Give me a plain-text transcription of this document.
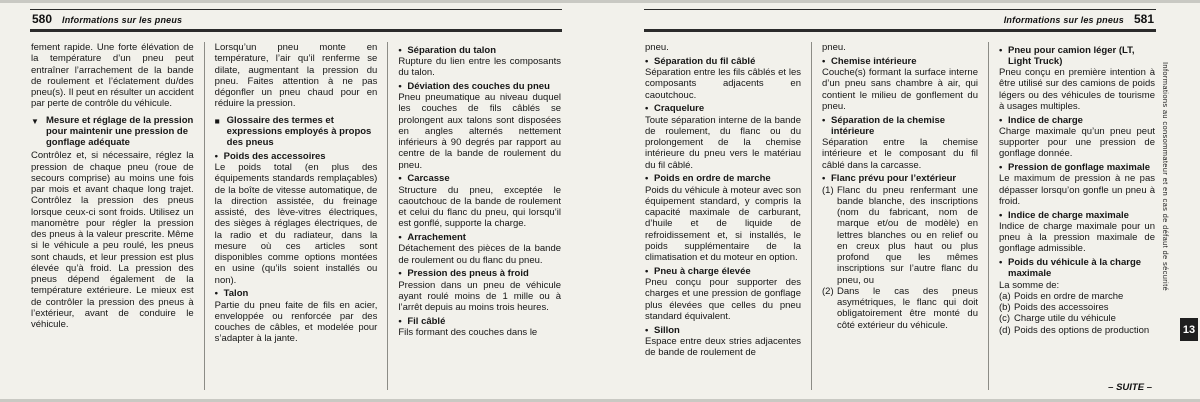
580 Informations sur les pneus
fement rapide. Une forte élévation de la température d’un pneu peut entraîner l’arrachement de la bande de roulement et l’éclatement du/des pneu(s). Il peut en résulter un accident par perte de contrôle du véhicule.
▼ Mesure et réglage de la pression pour maintenir une pression de gonflage adéquate
Contrôlez et, si nécessaire, réglez la pression de chaque pneu (roue de secours comprise) au moins une fois par mois et avant chaque long trajet. Contrôlez la pression des pneus lorsque ceux-ci sont froids. Utilisez un manomètre pour régler la pression des pneus à la valeur prescrite. Même si le véhicule a peu roulé, les pneus sont chauds, et leur pression est plus élevée qu’à froid. La pression des pneus dépend également de la température extérieure. Le mieux est de contrôler la pression des pneus à l’extérieur, avant de conduire le véhicule.
Lorsqu’un pneu monte en température, l’air qu’il renferme se dilate, augmentant la pression du pneu. Faites attention à ne pas dégonfler un pneu chaud pour en réduire la pression.
■ Glossaire des termes et expressions employés à propos des pneus
• Poids des accessoires
Le poids total (en plus des équipements standards remplaçables) de la boîte de vitesse automatique, de la direction assistée, du freinage assisté, des lève-vitres électriques, des sièges à réglages électriques, de la radio et du radiateur, dans la mesure où ces articles sont disponibles comme options montées en usine (qu’ils soient installés ou non).
• Talon
Partie du pneu faite de fils en acier, enveloppée ou renforcée par des couches de câbles, et modelée pour s’adapter à la jante.
• Séparation du talon
Rupture du lien entre les composants du talon.
• Déviation des couches du pneu
Pneu pneumatique au niveau duquel les couches de fils câblés se prolongent aux talons sont disposées en angles alternés nettement inférieurs à 90 degrés par rapport au centre de la bande de roulement du pneu.
• Carcasse
Structure du pneu, exceptée le caoutchouc de la bande de roulement et celui du flanc du pneu, qui lorsqu’il est gonflé, supporte la charge.
• Arrachement
Détachement des pièces de la bande de roulement ou du flanc du pneu.
• Pression des pneus à froid
Pression dans un pneu de véhicule ayant roulé moins de 1 mille ou à l’arrêt depuis au moins trois heures.
• Fil câblé
Fils formant des couches dans le
Informations sur les pneus 581
pneu.
• Séparation du fil câblé
Séparation entre les fils câblés et les composants adjacents en caoutchouc.
• Craquelure
Toute séparation interne de la bande de roulement, du flanc ou du prolongement de la chemise intérieure du pneu vers le matériau du fil câblé.
• Poids en ordre de marche
Poids du véhicule à moteur avec son équipement standard, y compris la capacité maximale de carburant, d’huile et de liquide de refroidissement et, si installés, le poids supplémentaire de la climatisation et du moteur en option.
• Pneu à charge élevée
Pneu conçu pour supporter des charges et une pression de gonflage plus élevées que celles du pneu standard équivalent.
• Sillon
Espace entre deux stries adjacentes de bande de roulement de
pneu.
• Chemise intérieure
Couche(s) formant la surface interne d’un pneu sans chambre à air, qui contient le milieu de gonflement du pneu.
• Séparation de la chemise intérieure
Séparation entre la chemise intérieure et le composant du fil câblé dans la carcasse.
• Flanc prévu pour l’extérieur
(1) Flanc du pneu renfermant une bande blanche, des inscriptions (nom du fabricant, nom de marque et/ou de modèle) en lettres blanches ou en relief ou en creux plus haut ou plus profond que les mêmes inscriptions sur l’autre flanc du pneu, ou
(2) Dans le cas des pneus asymétriques, le flanc qui doit obligatoirement être monté du côté extérieur du véhicule.
• Pneu pour camion léger (LT, Light Truck)
Pneu conçu en première intention à être utilisé sur des camions de poids légers ou des véhicules de tourisme à usages multiples.
• Indice de charge
Charge maximale qu’un pneu peut supporter pour une pression de gonflage donnée.
• Pression de gonflage maximale
Le maximum de pression à ne pas dépasser lorsqu’on gonfle un pneu à froid.
• Indice de charge maximale
Indice de charge maximale pour un pneu à la pression maximale de gonflage admissible.
• Poids du véhicule à la charge maximale
La somme de:
(a) Poids en ordre de marche
(b) Poids des accessoires
(c) Charge utile du véhicule
(d) Poids des options de production
– SUITE –
Informations au consommateur et en cas de défaut de sécurité
13
